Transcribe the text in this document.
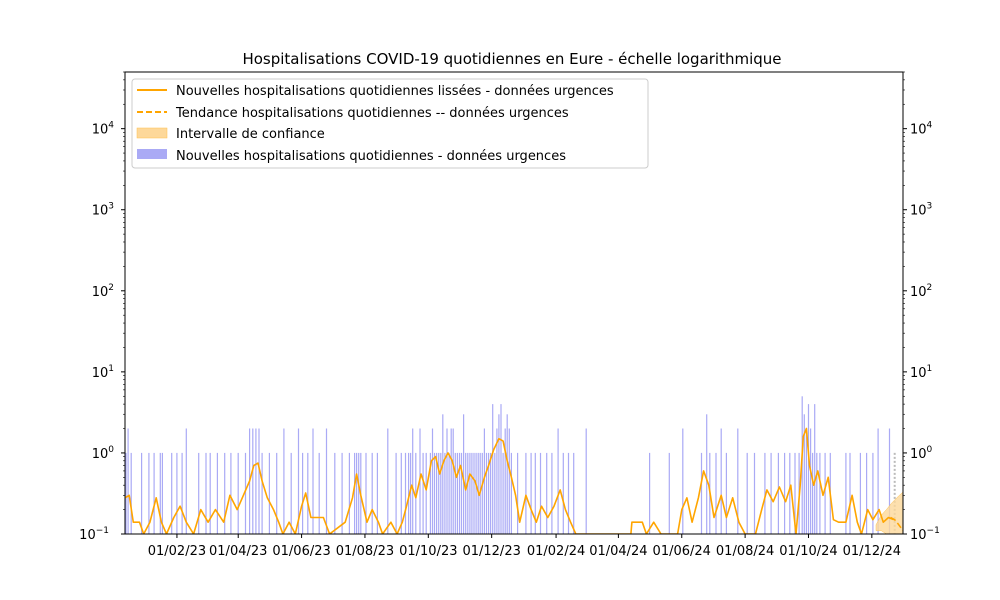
Hospitalisations COVID-19 quotidiennes en Eure - échelle logarithmique
$10^{-1}$	$10^{-1}$
$10^0$	$10^0$
$10^1$	$10^1$
$10^2$	$10^2$
$10^3$	$10^3$
$10^4$	$10^4$
01/02/23 01/04/23 01/06/23 01/08/23 01/10/23 01/12/23 01/02/24 01/04/24 01/06/24 01/08/24 01/10/24 01/12/24
Nouvelles hospitalisations quotidiennes lissées - données urgences
Tendance hospitalisations quotidiennes -- données urgences
Intervalle de confiance
Nouvelles hospitalisations quotidiennes - données urgences
